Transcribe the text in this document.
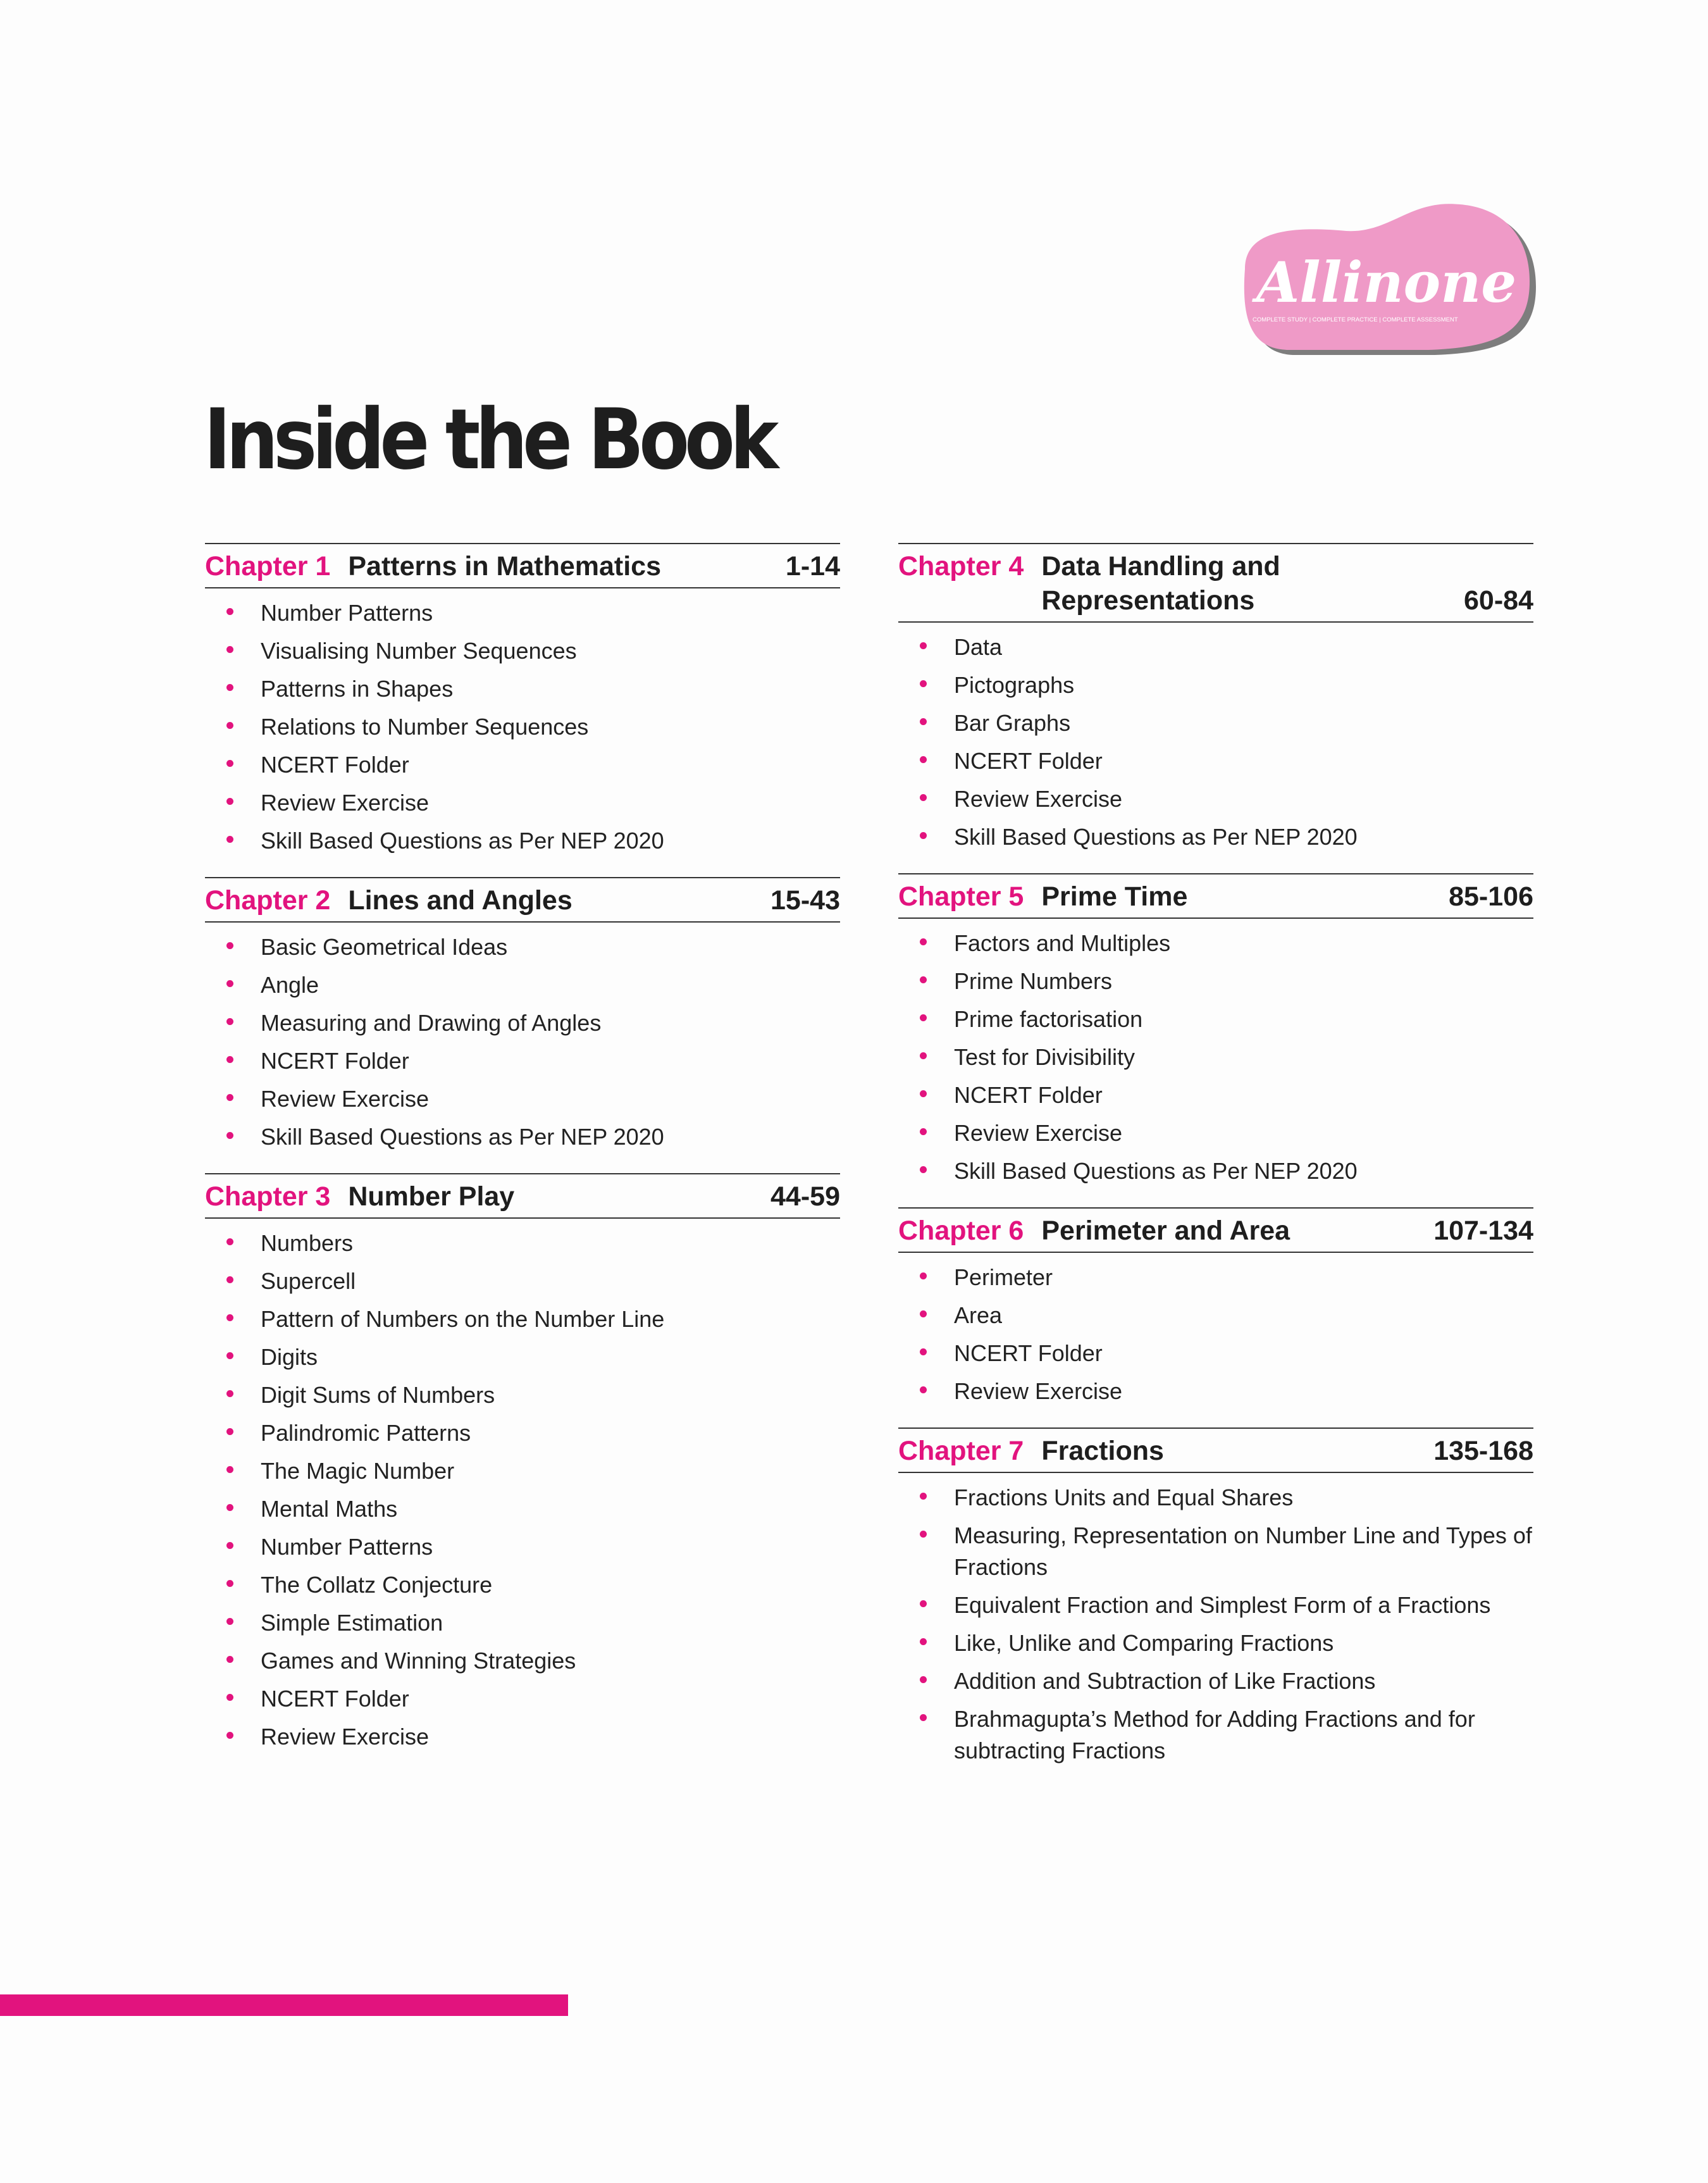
Allinone
COMPLETE STUDY | COMPLETE PRACTICE | COMPLETE ASSESSMENT
Inside the Book
Chapter 1 Patterns in Mathematics	1-14
Number Patterns
Visualising Number Sequences
Patterns in Shapes
Relations to Number Sequences
NCERT Folder
Review Exercise
Skill Based Questions as Per NEP 2020
Chapter 2 Lines and Angles	15-43
Basic Geometrical Ideas
Angle
Measuring and Drawing of Angles
NCERT Folder
Review Exercise
Skill Based Questions as Per NEP 2020
Chapter 3 Number Play	44-59
Numbers
Supercell
Pattern of Numbers on the Number Line
Digits
Digit Sums of Numbers
Palindromic Patterns
The Magic Number
Mental Maths
Number Patterns
The Collatz Conjecture
Simple Estimation
Games and Winning Strategies
NCERT Folder
Review Exercise
Chapter 4 Data Handling and Representations	60-84
Data
Pictographs
Bar Graphs
NCERT Folder
Review Exercise
Skill Based Questions as Per NEP 2020
Chapter 5 Prime Time	85-106
Factors and Multiples
Prime Numbers
Prime factorisation
Test for Divisibility
NCERT Folder
Review Exercise
Skill Based Questions as Per NEP 2020
Chapter 6 Perimeter and Area	107-134
Perimeter
Area
NCERT Folder
Review Exercise
Chapter 7 Fractions	135-168
Fractions Units and Equal Shares
Measuring, Representation on Number Line and Types of Fractions
Equivalent Fraction and Simplest Form of a Fractions
Like, Unlike and Comparing Fractions
Addition and Subtraction of Like Fractions
Brahmagupta’s Method for Adding Fractions and for subtracting Fractions
